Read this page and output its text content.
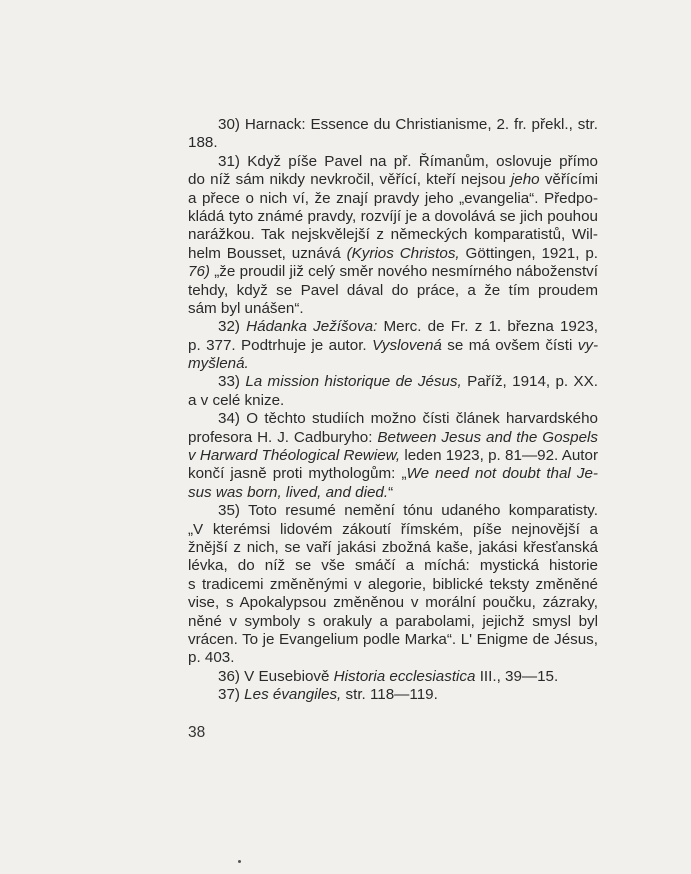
30) Harnack: Essence du Christianisme, 2. fr. překl., str.
188.
31) Když píše Pavel na př. Římanům, oslovuje přímo
do níž sám nikdy nevkročil, věřící, kteří nejsou jeho věřícími
a přece o nich ví, že znají pravdy jeho „evangelia“. Předpo-
kládá tyto známé pravdy, rozvíjí je a dovolává se jich pouhou
narážkou. Tak nejskvělejší z německých komparatistů, Wil-
helm Bousset, uznává (Kyrios Christos, Göttingen, 1921, p.
76) „že proudil již celý směr nového nesmírného náboženství
tehdy, když se Pavel dával do práce, a že tím proudem
sám byl unášen“.
32) Hádanka Ježíšova: Merc. de Fr. z 1. března 1923,
p. 377. Podtrhuje je autor. Vyslovená se má ovšem čísti vy-
myšlená.
33) La mission historique de Jésus, Paříž, 1914, p. XX.
a v celé knize.
34) O těchto studiích možno čísti článek harvardského
profesora H. J. Cadburyho: Between Jesus and the Gospels
v Harward Théological Rewiew, leden 1923, p. 81—92. Autor
končí jasně proti mythologům: „We need not doubt thal Je-
sus was born, lived, and died.“
35) Toto resumé nemění tónu udaného komparatisty.
„V kterémsi lidovém zákoutí římském, píše nejnovější a
žnější z nich, se vaří jakási zbožná kaše, jakási křesťanská
lévka, do níž se vše smáčí a míchá: mystická historie
s tradicemi změněnými v alegorie, biblické teksty změněné
vise, s Apokalypsou změněnou v morální poučku, zázraky,
něné v symboly s orakuly a parabolami, jejichž smysl byl
vrácen. To je Evangelium podle Marka“. L' Enigme de Jésus,
p. 403.
36) V Eusebiově Historia ecclesiastica III., 39—15.
37) Les évangiles, str. 118—119.
38
